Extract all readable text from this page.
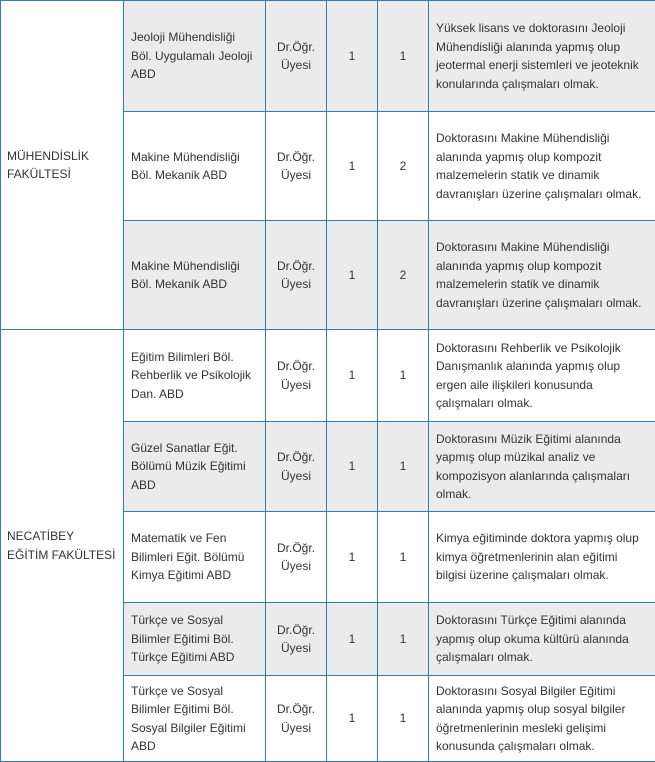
MÜHENDİSLİK FAKÜLTESİ	Jeoloji Mühendisliği Böl. Uygulamalı Jeoloji ABD	Dr.Öğr. Üyesi	1	1	Yüksek lisans ve doktorasını Jeoloji Mühendisliği alanında yapmış olup jeotermal enerji sistemleri ve jeoteknik konularında çalışmaları olmak.
	Makine Mühendisliği Böl. Mekanik ABD	Dr.Öğr. Üyesi	1	2	Doktorasını Makine Mühendisliği alanında yapmış olup kompozit malzemelerin statik ve dinamik davranışları üzerine çalışmaları olmak.
	Makine Mühendisliği Böl. Mekanik ABD	Dr.Öğr. Üyesi	1	2	Doktorasını Makine Mühendisliği alanında yapmış olup kompozit malzemelerin statik ve dinamik davranışları üzerine çalışmaları olmak.
NECATİBEY EĞİTİM FAKÜLTESİ	Eğitim Bilimleri Böl. Rehberlik ve Psikolojik Dan. ABD	Dr.Öğr. Üyesi	1	1	Doktorasını Rehberlik ve Psikolojik Danışmanlık alanında yapmış olup ergen aile ilişkileri konusunda çalışmaları olmak.
	Güzel Sanatlar Eğit. Bölümü Müzik Eğitimi ABD	Dr.Öğr. Üyesi	1	1	Doktorasını Müzik Eğitimi alanında yapmış olup müzikal analiz ve kompozisyon alanlarında çalışmaları olmak.
	Matematik ve Fen Bilimleri Eğit. Bölümü Kimya Eğitimi ABD	Dr.Öğr. Üyesi	1	1	Kimya eğitiminde doktora yapmış olup kimya öğretmenlerinin alan eğitimi bilgisi üzerine çalışmaları olmak.
	Türkçe ve Sosyal Bilimler Eğitimi Böl. Türkçe Eğitimi ABD	Dr.Öğr. Üyesi	1	1	Doktorasını Türkçe Eğitimi alanında yapmış olup okuma kültürü alanında çalışmaları olmak.
	Türkçe ve Sosyal Bilimler Eğitimi Böl. Sosyal Bilgiler Eğitimi ABD	Dr.Öğr. Üyesi	1	1	Doktorasını Sosyal Bilgiler Eğitimi alanında yapmış olup sosyal bilgiler öğretmenlerinin mesleki gelişimi konusunda çalışmaları olmak.
